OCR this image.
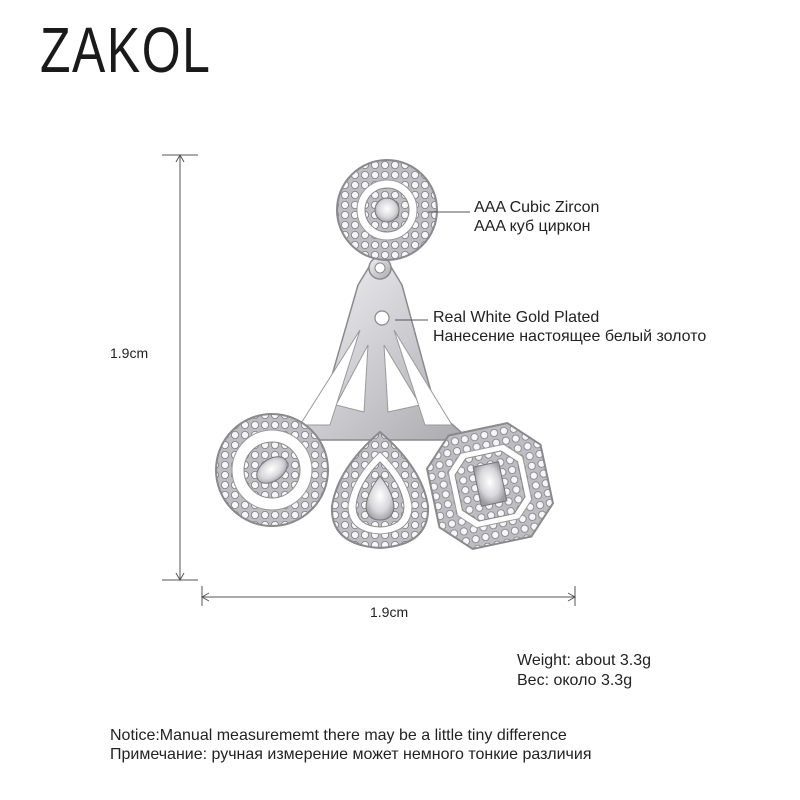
ZAKOL
AAA Cubic Zircon
AAA куб циркон
Real White Gold Plated
Нанесение настоящее белый золото
1.9cm
1.9cm
Weight: about 3.3g
Вес: около 3.3g
Notice:Manual measurememt there may be a little tiny difference
Примечание: ручная измерение может немного тонкие различия
